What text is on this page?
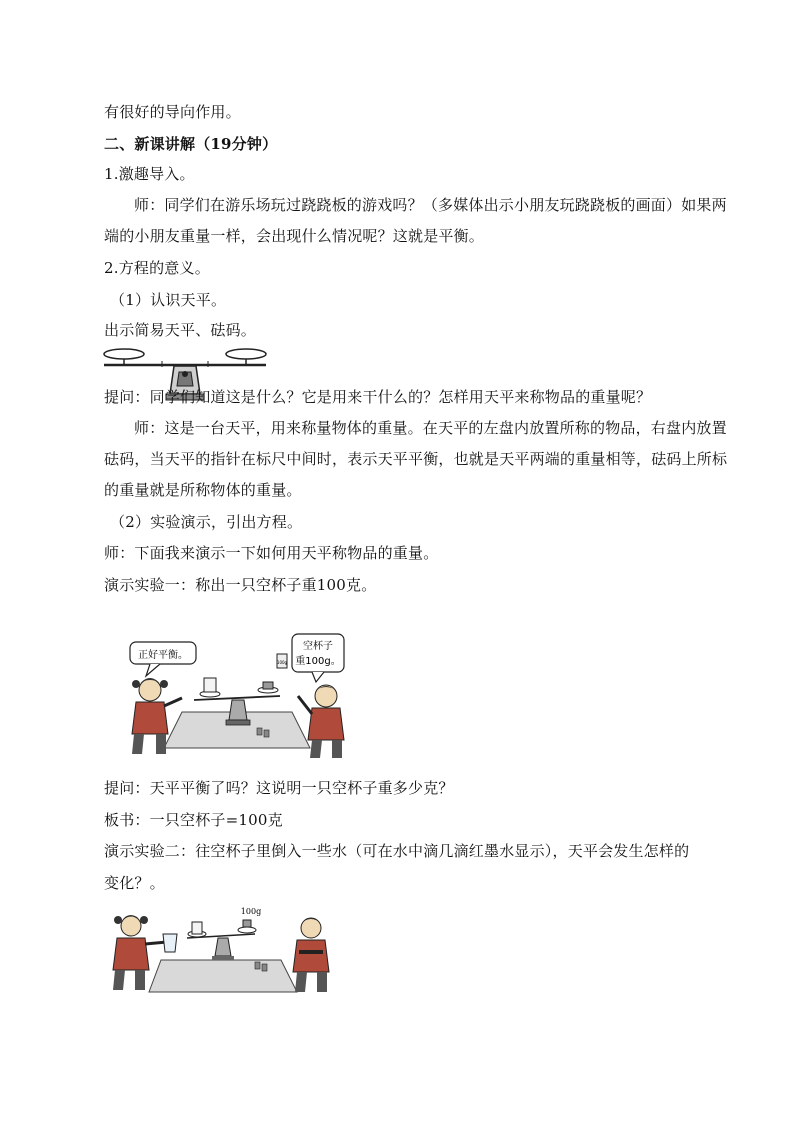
有很好的导向作用。
二、新课讲解（19分钟）
1.激趣导入。
师：同学们在游乐场玩过跷跷板的游戏吗？（多媒体出示小朋友玩跷跷板的画面）如果两
端的小朋友重量一样，会出现什么情况呢？这就是平衡。
2.方程的意义。
（1）认识天平。
出示简易天平、砝码。
提问：同学们知道这是什么？它是用来干什么的？怎样用天平来称物品的重量呢？
师：这是一台天平，用来称量物体的重量。在天平的左盘内放置所称的物品，右盘内放置
砝码，当天平的指针在标尺中间时，表示天平平衡，也就是天平两端的重量相等，砝码上所标
的重量就是所称物体的重量。
（2）实验演示，引出方程。
师：下面我来演示一下如何用天平称物品的重量。
演示实验一：称出一只空杯子重100克。
正好平衡。
空杯子
重100g。
100g
提问：天平平衡了吗？这说明一只空杯子重多少克？
板书：一只空杯子=100克
演示实验二：往空杯子里倒入一些水（可在水中滴几滴红墨水显示），天平会发生怎样的
变化？。
100g
